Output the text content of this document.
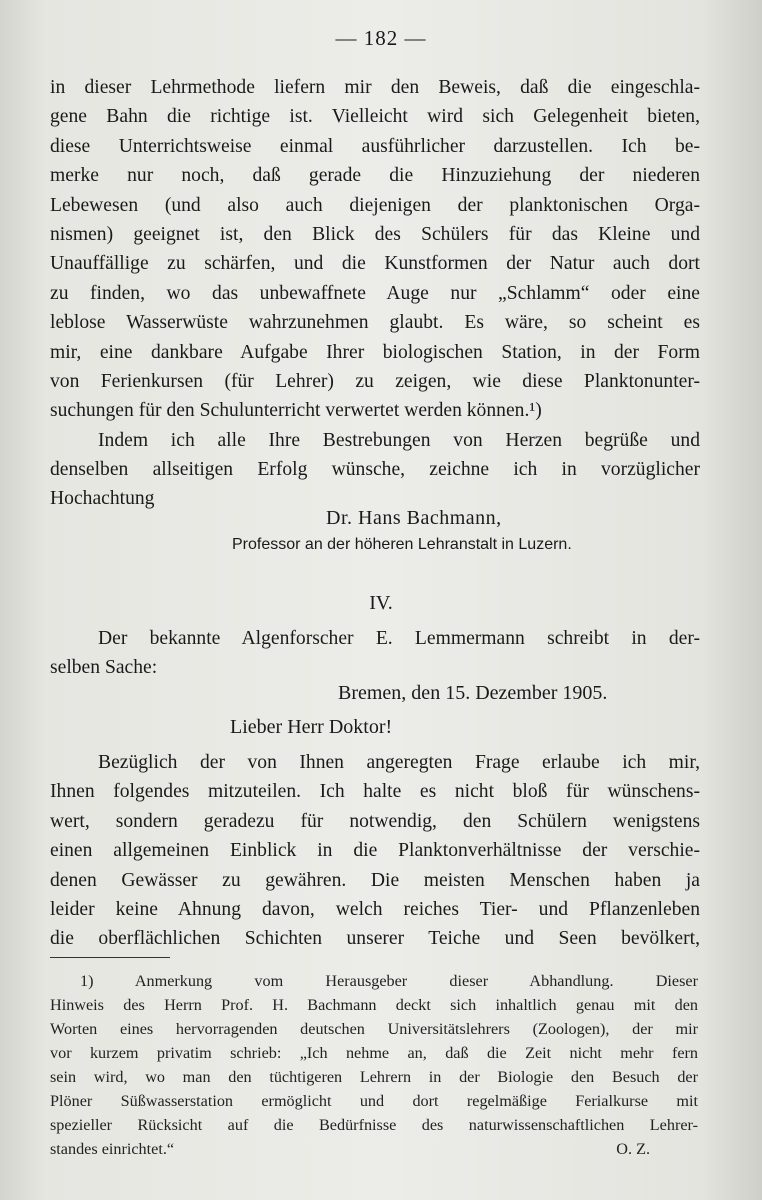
— 182 —
in dieser Lehrmethode liefern mir den Beweis, daß die eingeschla-
gene Bahn die richtige ist. Vielleicht wird sich Gelegenheit bieten,
diese Unterrichtsweise einmal ausführlicher darzustellen. Ich be-
merke nur noch, daß gerade die Hinzuziehung der niederen
Lebewesen (und also auch diejenigen der planktonischen Orga-
nismen) geeignet ist, den Blick des Schülers für das Kleine und
Unauffällige zu schärfen, und die Kunstformen der Natur auch dort
zu finden, wo das unbewaffnete Auge nur „Schlamm“ oder eine
leblose Wasserwüste wahrzunehmen glaubt. Es wäre, so scheint es
mir, eine dankbare Aufgabe Ihrer biologischen Station, in der Form
von Ferienkursen (für Lehrer) zu zeigen, wie diese Planktonunter-
suchungen für den Schulunterricht verwertet werden können.¹)
Indem ich alle Ihre Bestrebungen von Herzen begrüße und
denselben allseitigen Erfolg wünsche, zeichne ich in vorzüglicher
Hochachtung
Dr. Hans Bachmann,
Professor an der höheren Lehranstalt in Luzern.
IV.
Der bekannte Algenforscher E. Lemmermann schreibt in der-
selben Sache:
Bremen, den 15. Dezember 1905.
Lieber Herr Doktor!
Bezüglich der von Ihnen angeregten Frage erlaube ich mir,
Ihnen folgendes mitzuteilen. Ich halte es nicht bloß für wünschens-
wert, sondern geradezu für notwendig, den Schülern wenigstens
einen allgemeinen Einblick in die Planktonverhältnisse der verschie-
denen Gewässer zu gewähren. Die meisten Menschen haben ja
leider keine Ahnung davon, welch reiches Tier- und Pflanzenleben
die oberflächlichen Schichten unserer Teiche und Seen bevölkert,
1) Anmerkung vom Herausgeber dieser Abhandlung. Dieser
Hinweis des Herrn Prof. H. Bachmann deckt sich inhaltlich genau mit den
Worten eines hervorragenden deutschen Universitätslehrers (Zoologen), der mir
vor kurzem privatim schrieb: „Ich nehme an, daß die Zeit nicht mehr fern
sein wird, wo man den tüchtigeren Lehrern in der Biologie den Besuch der
Plöner Süßwasserstation ermöglicht und dort regelmäßige Ferialkurse mit
spezieller Rücksicht auf die Bedürfnisse des naturwissenschaftlichen Lehrer-
standes einrichtet.“	O. Z.
